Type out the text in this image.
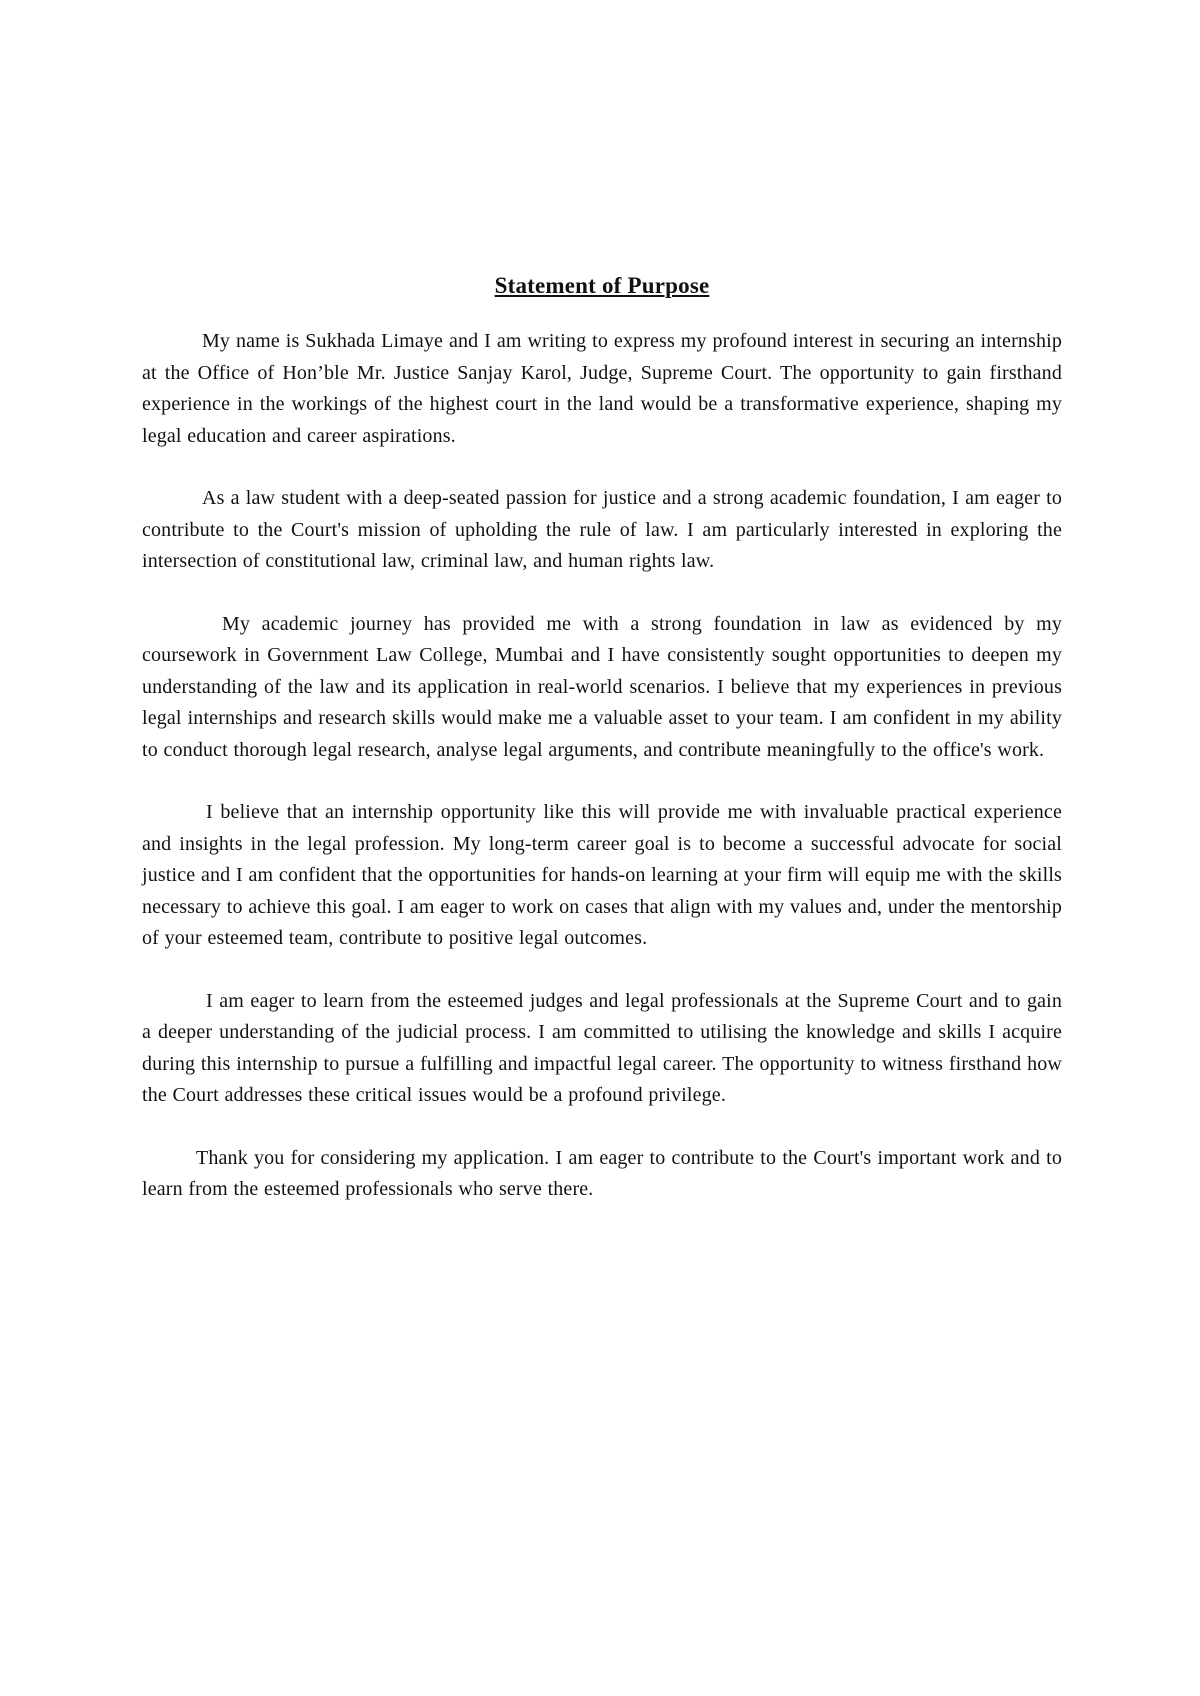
Statement of Purpose

My name is Sukhada Limaye and I am writing to express my profound interest in securing an internship at the Office of Hon’ble Mr. Justice Sanjay Karol, Judge, Supreme Court. The opportunity to gain firsthand experience in the workings of the highest court in the land would be a transformative experience, shaping my legal education and career aspirations.

As a law student with a deep-seated passion for justice and a strong academic foundation, I am eager to contribute to the Court's mission of upholding the rule of law. I am particularly interested in exploring the intersection of constitutional law, criminal law, and human rights law.

My academic journey has provided me with a strong foundation in law as evidenced by my coursework in Government Law College, Mumbai and I have consistently sought opportunities to deepen my understanding of the law and its application in real-world scenarios. I believe that my experiences in previous legal internships and research skills would make me a valuable asset to your team. I am confident in my ability to conduct thorough legal research, analyse legal arguments, and contribute meaningfully to the office's work.

I believe that an internship opportunity like this will provide me with invaluable practical experience and insights in the legal profession. My long-term career goal is to become a successful advocate for social justice and I am confident that the opportunities for hands-on learning at your firm will equip me with the skills necessary to achieve this goal. I am eager to work on cases that align with my values and, under the mentorship of your esteemed team, contribute to positive legal outcomes.

I am eager to learn from the esteemed judges and legal professionals at the Supreme Court and to gain a deeper understanding of the judicial process. I am committed to utilising the knowledge and skills I acquire during this internship to pursue a fulfilling and impactful legal career. The opportunity to witness firsthand how the Court addresses these critical issues would be a profound privilege.

Thank you for considering my application. I am eager to contribute to the Court's important work and to learn from the esteemed professionals who serve there.
